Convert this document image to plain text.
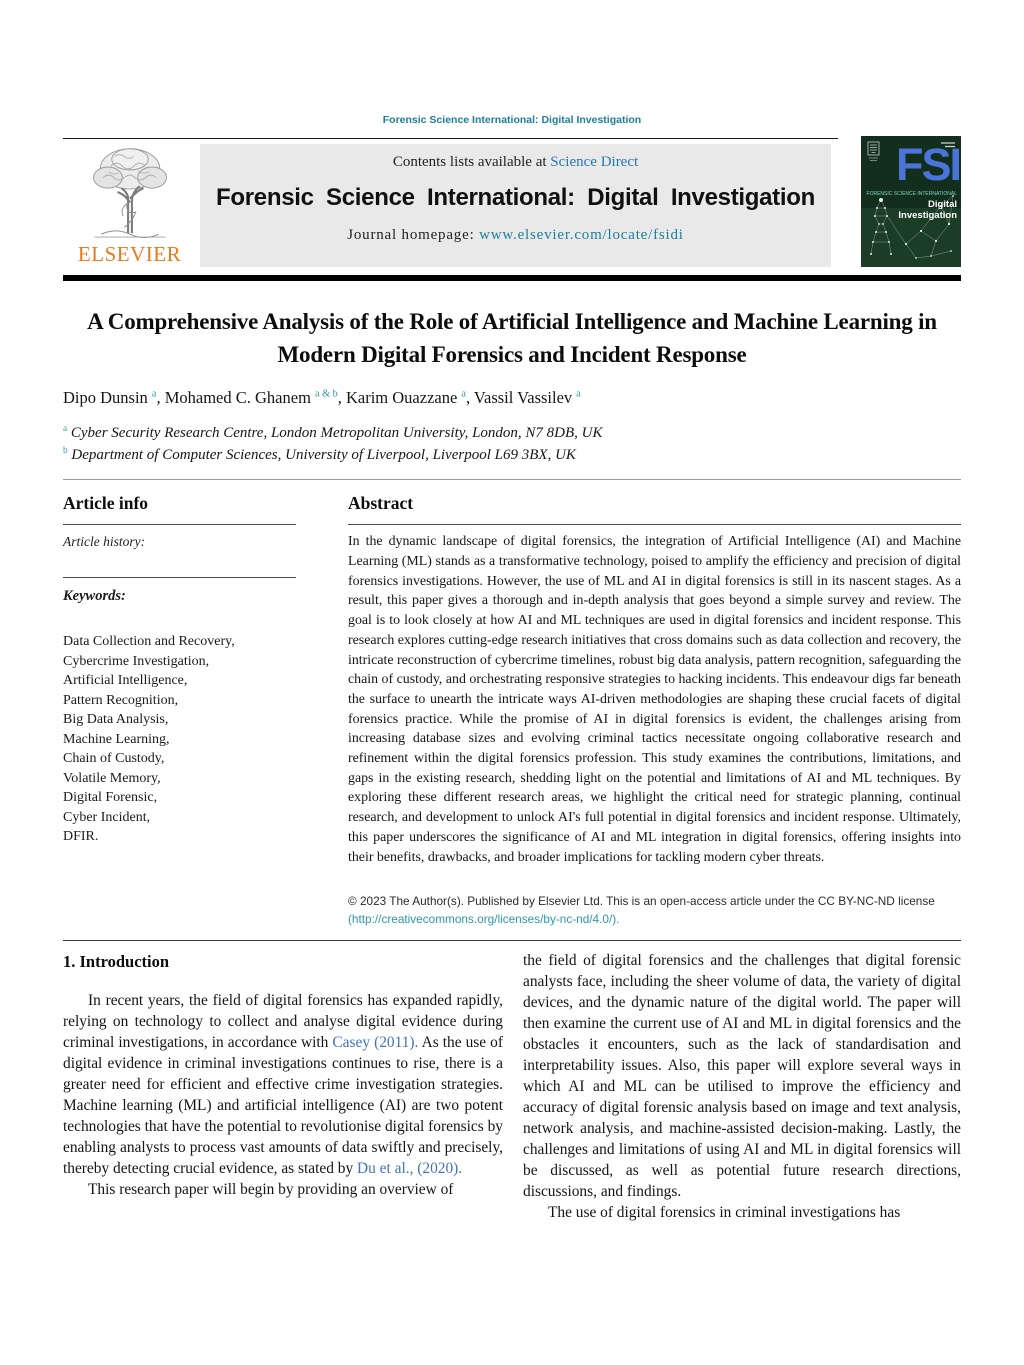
Forensic Science International: Digital Investigation
ELSEVIER
Contents lists available at Science Direct
Forensic Science International: Digital Investigation
Journal homepage: www.elsevier.com/locate/fsidi
FSI
FORENSIC SCIENCE INTERNATIONAL
Digital
Investigation
A Comprehensive Analysis of the Role of Artificial Intelligence and Machine Learning in Modern Digital Forensics and Incident Response
Dipo Dunsin $^a$, Mohamed C. Ghanem $^{a \& b}$, Karim Ouazzane $^a$, Vassil Vassilev $^a$
$^a$ Cyber Security Research Centre, London Metropolitan University, London, N7 8DB, UK
$^b$ Department of Computer Sciences, University of Liverpool, Liverpool L69 3BX, UK
Article info
Article history:
Keywords:
Data Collection and Recovery,
Cybercrime Investigation,
Artificial Intelligence,
Pattern Recognition,
Big Data Analysis,
Machine Learning,
Chain of Custody,
Volatile Memory,
Digital Forensic,
Cyber Incident,
DFIR.
Abstract
In the dynamic landscape of digital forensics, the integration of Artificial Intelligence (AI) and Machine Learning (ML) stands as a transformative technology, poised to amplify the efficiency and precision of digital forensics investigations. However, the use of ML and AI in digital forensics is still in its nascent stages. As a result, this paper gives a thorough and in-depth analysis that goes beyond a simple survey and review. The goal is to look closely at how AI and ML techniques are used in digital forensics and incident response. This research explores cutting-edge research initiatives that cross domains such as data collection and recovery, the intricate reconstruction of cybercrime timelines, robust big data analysis, pattern recognition, safeguarding the chain of custody, and orchestrating responsive strategies to hacking incidents. This endeavour digs far beneath the surface to unearth the intricate ways AI-driven methodologies are shaping these crucial facets of digital forensics practice. While the promise of AI in digital forensics is evident, the challenges arising from increasing database sizes and evolving criminal tactics necessitate ongoing collaborative research and refinement within the digital forensics profession. This study examines the contributions, limitations, and gaps in the existing research, shedding light on the potential and limitations of AI and ML techniques. By exploring these different research areas, we highlight the critical need for strategic planning, continual research, and development to unlock AI's full potential in digital forensics and incident response. Ultimately, this paper underscores the significance of AI and ML integration in digital forensics, offering insights into their benefits, drawbacks, and broader implications for tackling modern cyber threats.
© 2023 The Author(s). Published by Elsevier Ltd. This is an open-access article under the CC BY-NC-ND license
(http://creativecommons.org/licenses/by-nc-nd/4.0/).
1. Introduction

In recent years, the field of digital forensics has expanded rapidly, relying on technology to collect and analyse digital evidence during criminal investigations, in accordance with Casey (2011). As the use of digital evidence in criminal investigations continues to rise, there is a greater need for efficient and effective crime investigation strategies. Machine learning (ML) and artificial intelligence (AI) are two potent technologies that have the potential to revolutionise digital forensics by enabling analysts to process vast amounts of data swiftly and precisely, thereby detecting crucial evidence, as stated by Du et al., (2020).

This research paper will begin by providing an overview of

the field of digital forensics and the challenges that digital forensic analysts face, including the sheer volume of data, the variety of digital devices, and the dynamic nature of the digital world. The paper will then examine the current use of AI and ML in digital forensics and the obstacles it encounters, such as the lack of standardisation and interpretability issues. Also, this paper will explore several ways in which AI and ML can be utilised to improve the efficiency and accuracy of digital forensic analysis based on image and text analysis, network analysis, and machine-assisted decision-making. Lastly, the challenges and limitations of using AI and ML in digital forensics will be discussed, as well as potential future research directions, discussions, and findings.

The use of digital forensics in criminal investigations has
